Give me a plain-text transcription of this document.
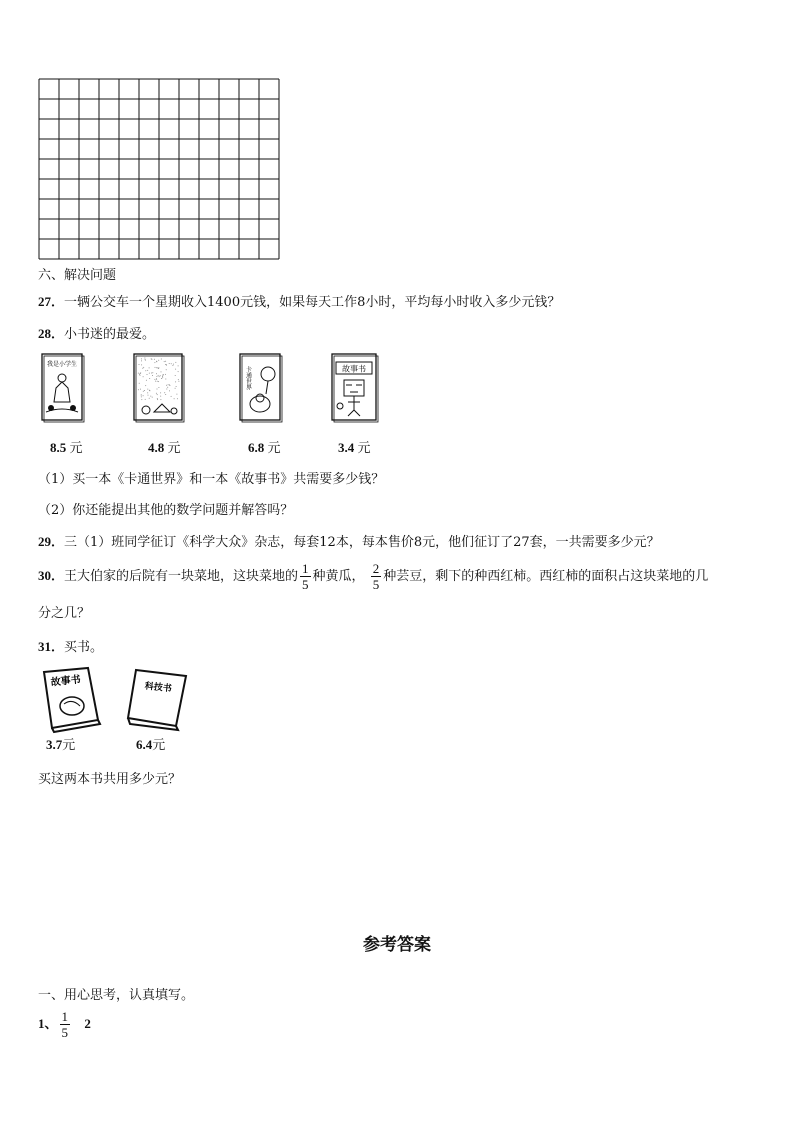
六、解决问题
27．一辆公交车一个星期收入1400元钱，如果每天工作8小时，平均每小时收入多少元钱？
28．小书迷的最爱。
我是小学生
8.5 元	4.8 元
卡通世界
6.8 元
故事书
3.4 元
（1）买一本《卡通世界》和一本《故事书》共需要多少钱？
（2）你还能提出其他的数学问题并解答吗？
29．三（1）班同学征订《科学大众》杂志，每套12本，每本售价8元，他们征订了27套，一共需要多少元？
30．王大伯家的后院有一块菜地，这块菜地的 $\frac{1}{5}$ 种黄瓜， $\frac{2}{5}$ 种芸豆，剩下的种西红柿。西红柿的面积占这块菜地的几
分之几？
31．买书。
故事书
3.7元
科技书
6.4元
买这两本书共用多少元？
参考答案
一、用心思考，认真填写。
1、 $\frac{1}{5} 2$
